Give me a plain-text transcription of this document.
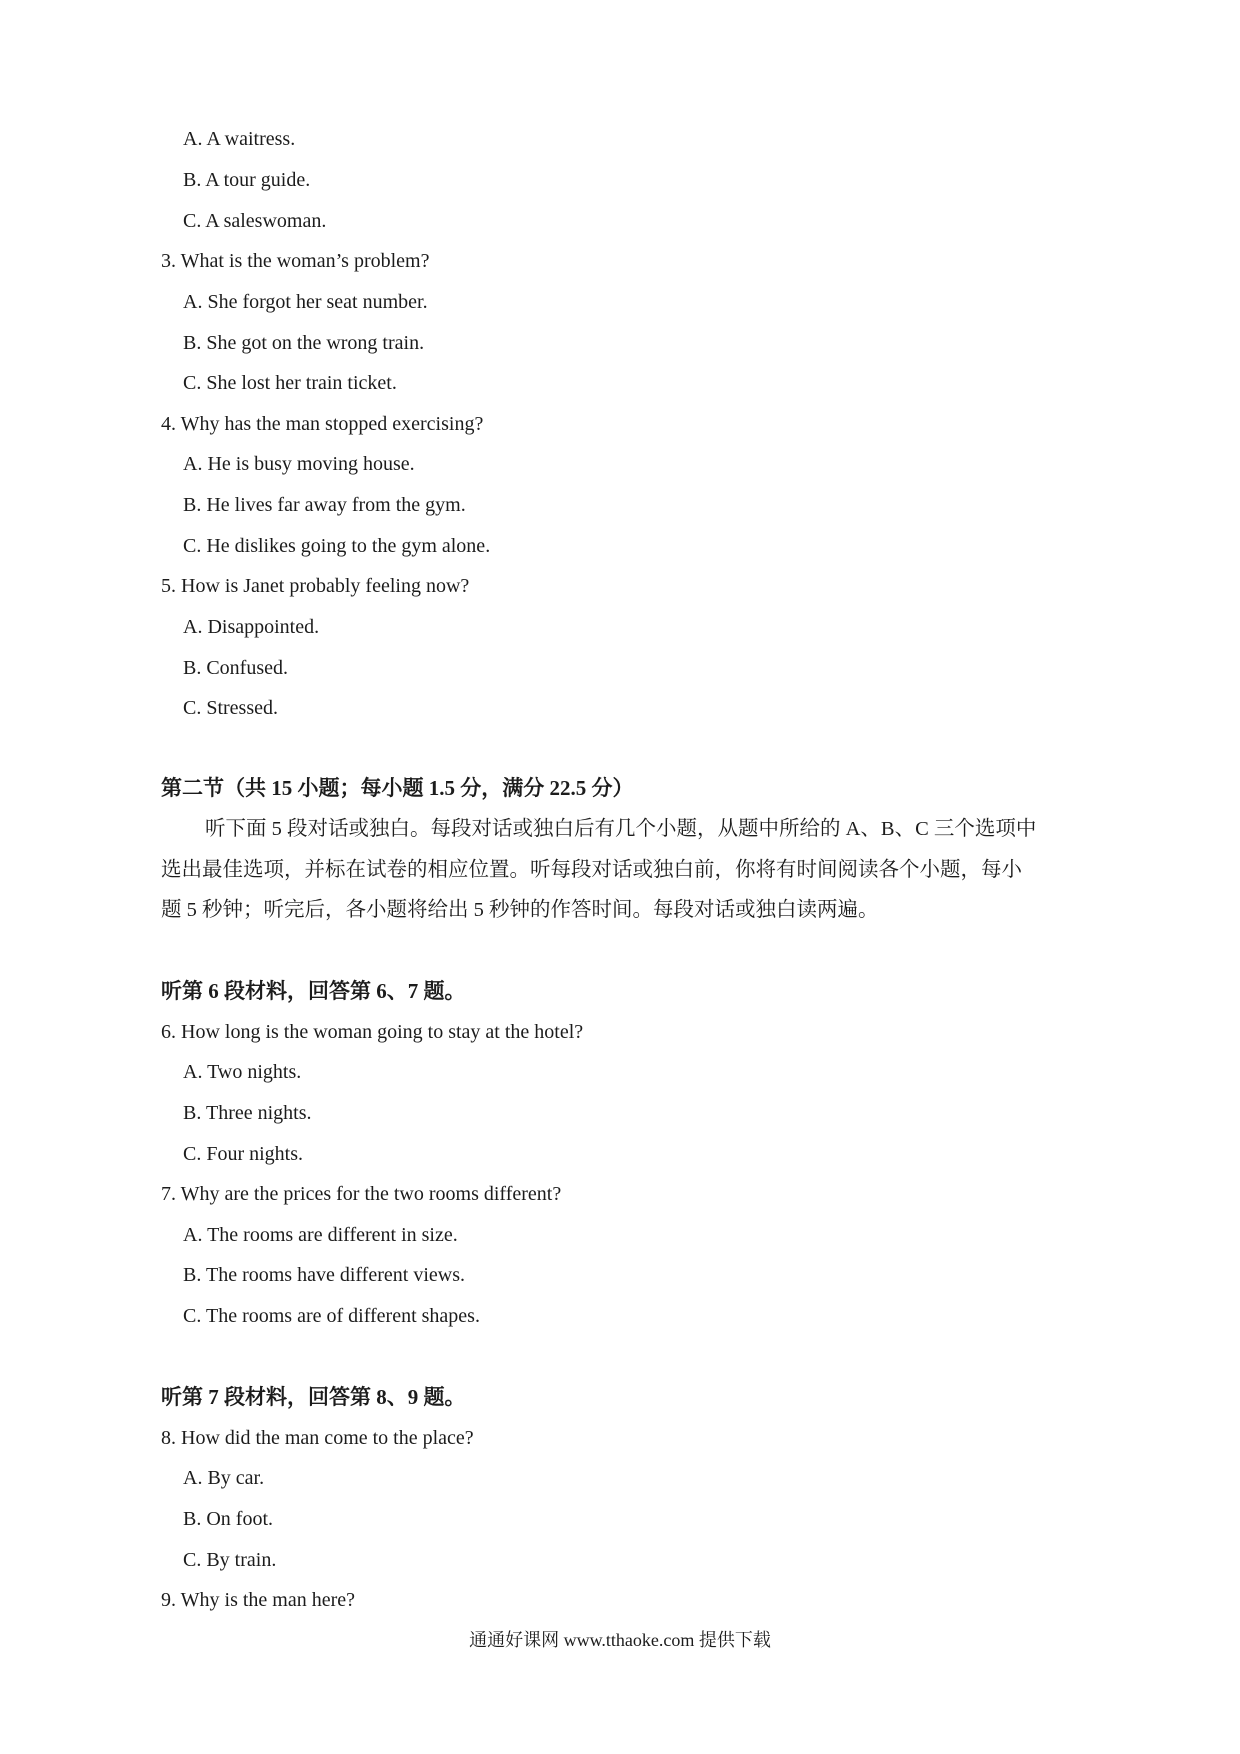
A. A waitress.
B. A tour guide.
C. A saleswoman.
3. What is the woman’s problem?
A. She forgot her seat number.
B. She got on the wrong train.
C. She lost her train ticket.
4. Why has the man stopped exercising?
A. He is busy moving house.
B. He lives far away from the gym.
C. He dislikes going to the gym alone.
5. How is Janet probably feeling now?
A. Disappointed.
B. Confused.
C. Stressed.
第二节（共 15 小题；每小题 1.5 分，满分 22.5 分）
听下面 5 段对话或独白。每段对话或独白后有几个小题，从题中所给的 A、B、C 三个选项中
选出最佳选项，并标在试卷的相应位置。听每段对话或独白前，你将有时间阅读各个小题，每小
题 5 秒钟；听完后，各小题将给出 5 秒钟的作答时间。每段对话或独白读两遍。
听第 6 段材料，回答第 6、7 题。
6. How long is the woman going to stay at the hotel?
A. Two nights.
B. Three nights.
C. Four nights.
7. Why are the prices for the two rooms different?
A. The rooms are different in size.
B. The rooms have different views.
C. The rooms are of different shapes.
听第 7 段材料，回答第 8、9 题。
8. How did the man come to the place?
A. By car.
B. On foot.
C. By train.
9. Why is the man here?
通通好课网 www.tthaoke.com 提供下载
